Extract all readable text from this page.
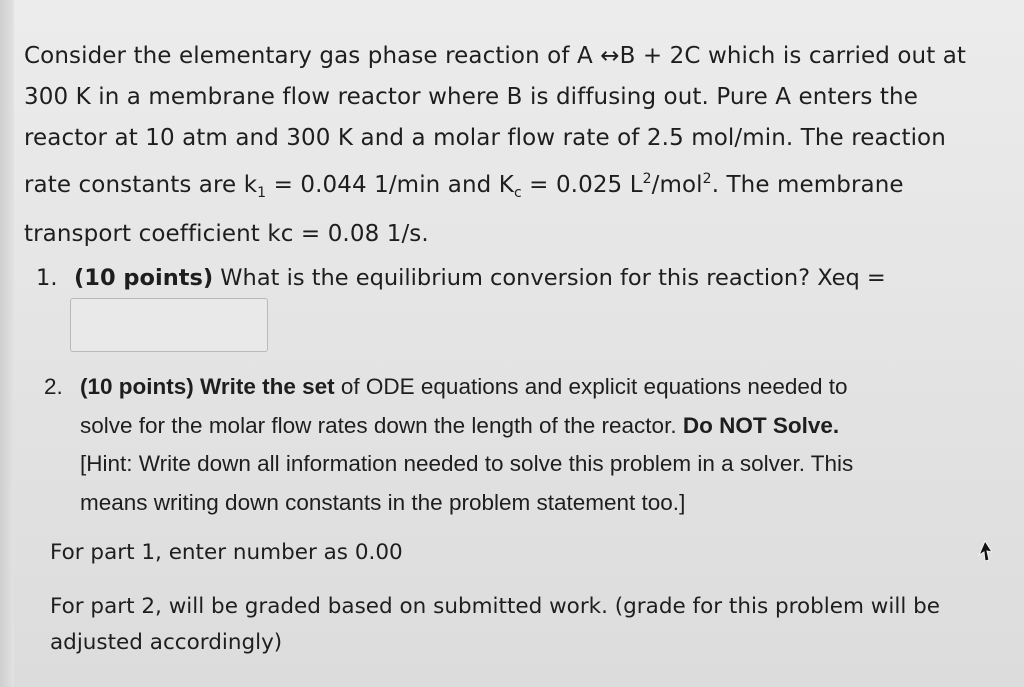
Consider the elementary gas phase reaction of A ↔B + 2C which is carried out at
300 K in a membrane flow reactor where B is diffusing out. Pure A enters the
reactor at 10 atm and 300 K and a molar flow rate of 2.5 mol/min. The reaction
rate constants are $k_1 = 0.044$ 1/min and $K_c = 0.025$ $L^2/mol^2$. The membrane
transport coefficient kc = 0.08 1/s.
1. (10 points) What is the equilibrium conversion for this reaction? Xeq =
2. (10 points) Write the set of ODE equations and explicit equations needed to
solve for the molar flow rates down the length of the reactor. Do NOT Solve.
[Hint: Write down all information needed to solve this problem in a solver. This
means writing down constants in the problem statement too.]
For part 1, enter number as 0.00
For part 2, will be graded based on submitted work. (grade for this problem will be
adjusted accordingly)
